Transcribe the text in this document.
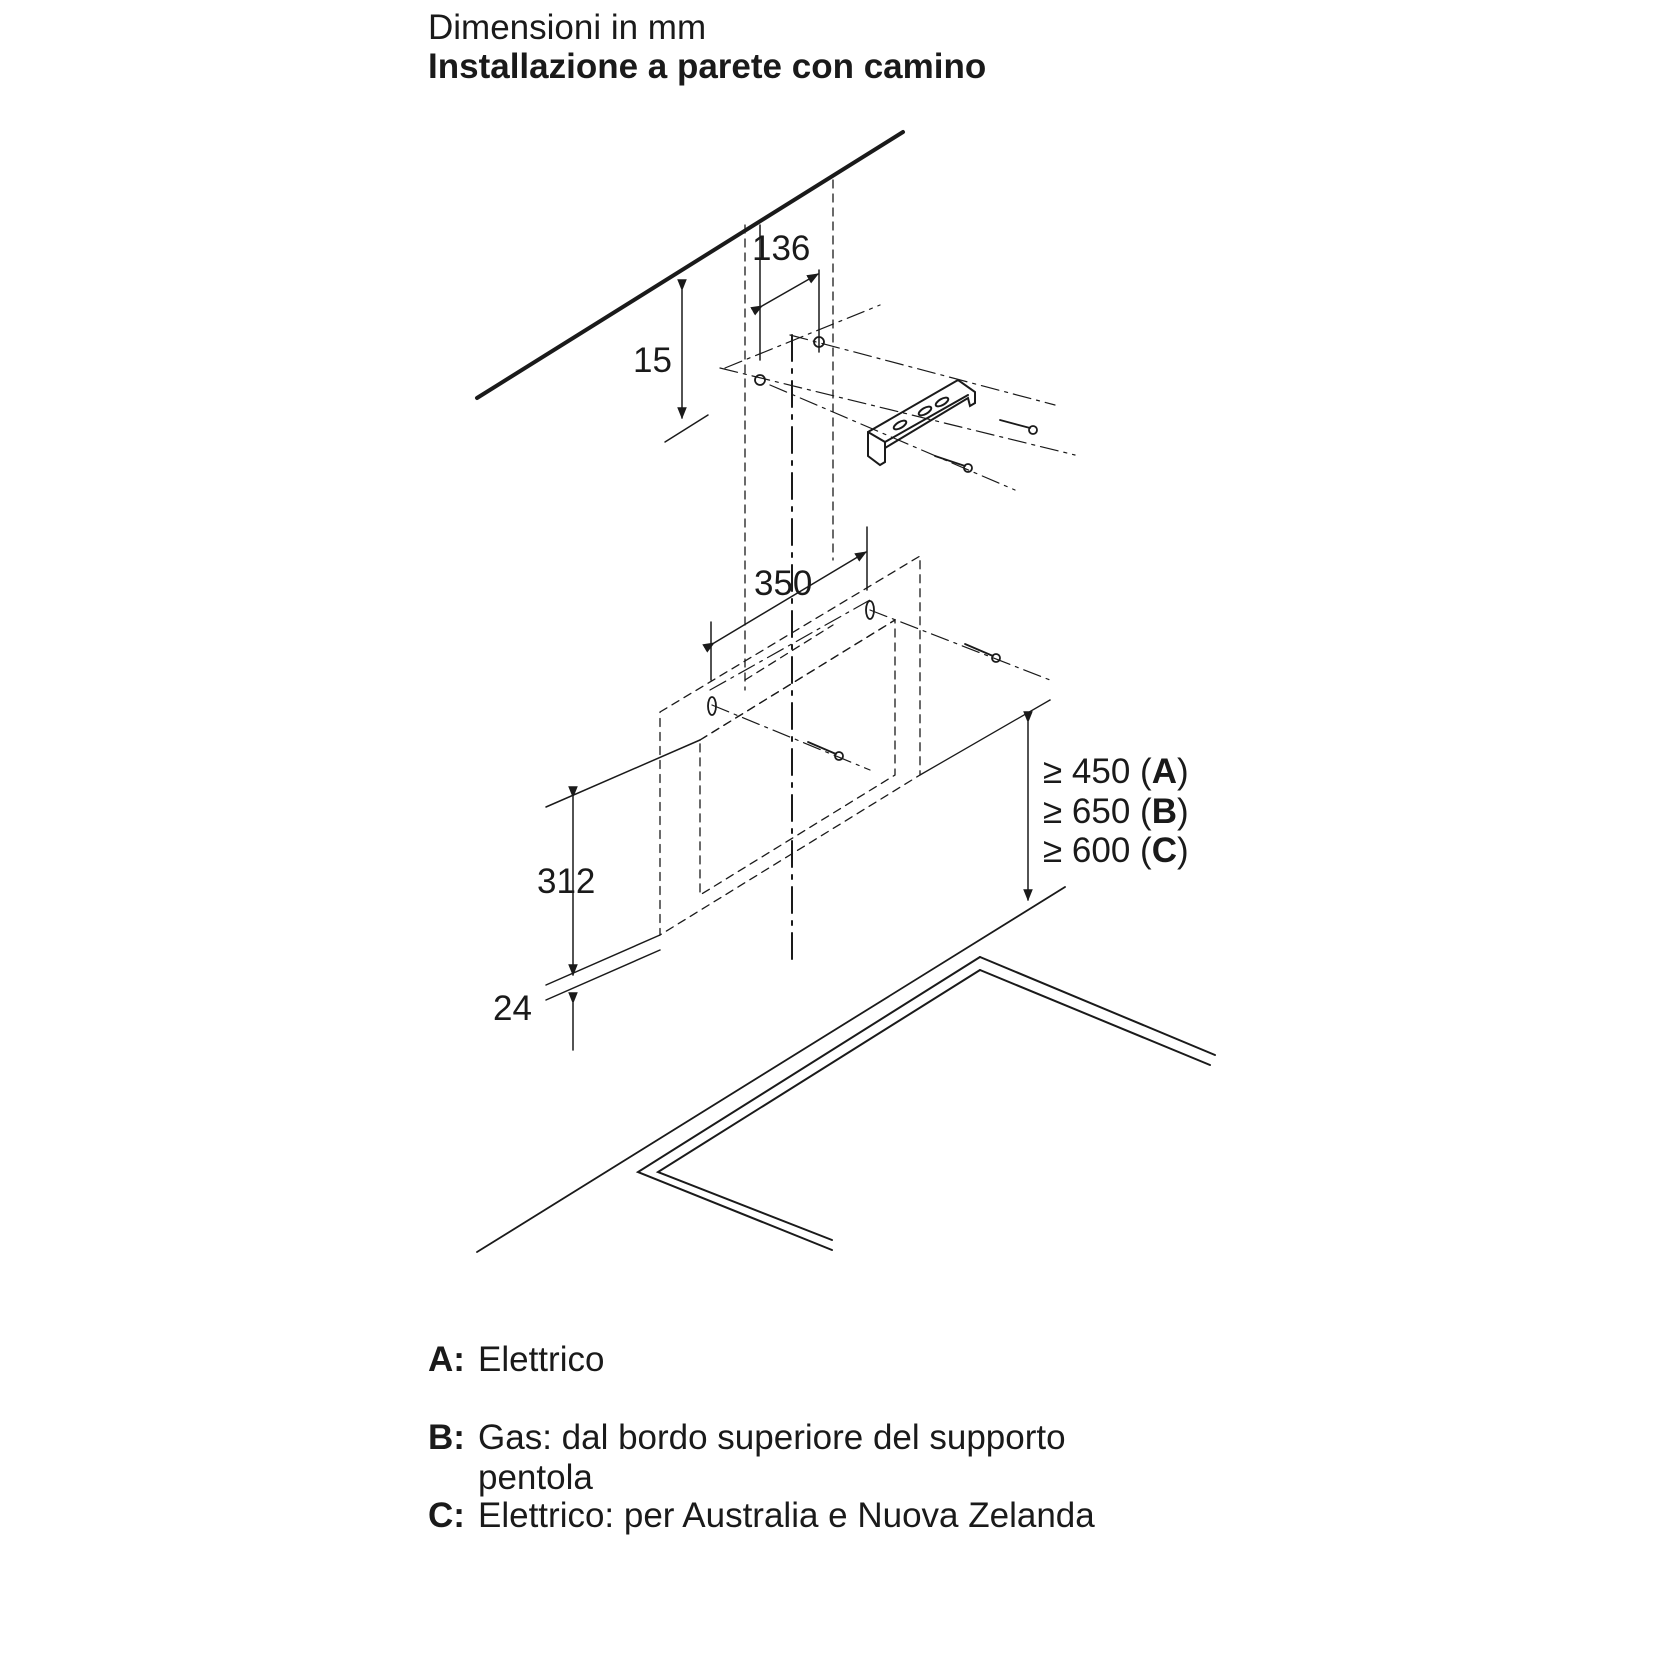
Dimensioni in mm
Installazione a parete con camino
136
15
350
312
24
≥ 450 (A)
≥ 650 (B)
≥ 600 (C)
A: Elettrico
B: Gas: dal bordo superiore del supporto pentola
C: Elettrico: per Australia e Nuova Zelanda
